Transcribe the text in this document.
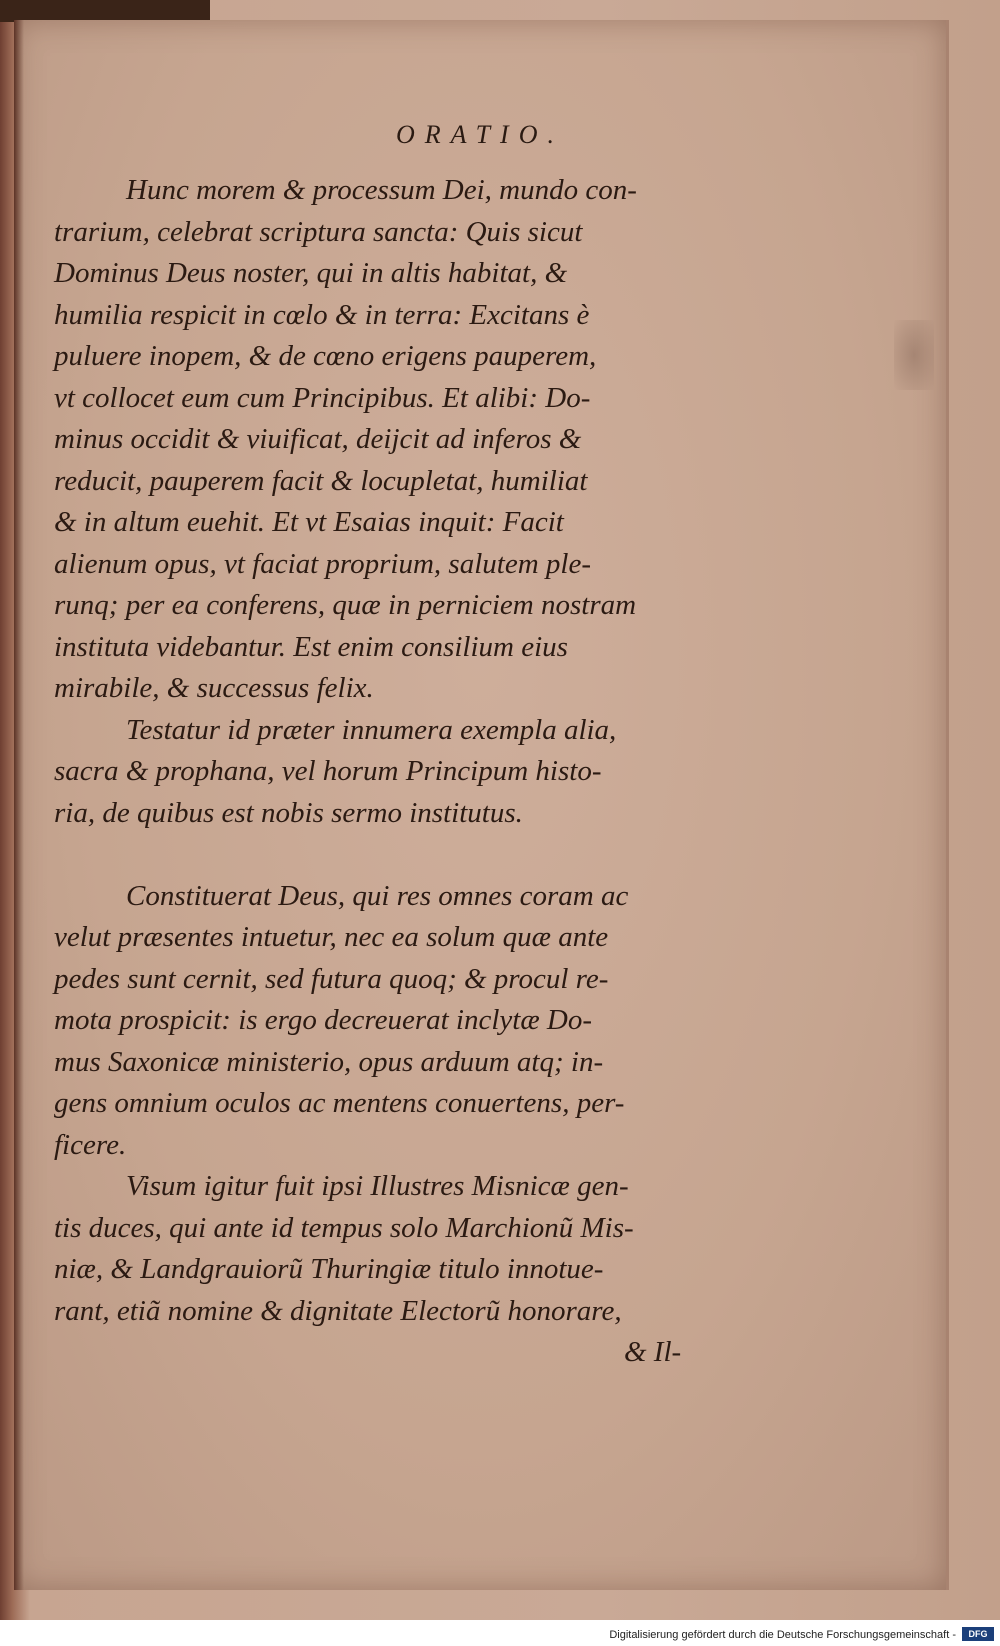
ORATIO.
Hunc morem & processum Dei, mundo con-
trarium, celebrat scriptura sancta: Quis sicut
Dominus Deus noster, qui in altis habitat, &
humilia respicit in cœlo & in terra: Excitans è
puluere inopem, & de cœno erigens pauperem,
vt collocet eum cum Principibus. Et alibi: Do-
minus occidit & viuificat, deijcit ad inferos &
reducit, pauperem facit & locupletat, humiliat
& in altum euehit. Et vt Esaias inquit: Facit
alienum opus, vt faciat proprium, salutem ple-
runq; per ea conferens, quæ in perniciem nostram
instituta videbantur. Est enim consilium eius
mirabile, & successus felix.
Testatur id præter innumera exempla alia,
sacra & prophana, vel horum Principum histo-
ria, de quibus est nobis sermo institutus.
Constituerat Deus, qui res omnes coram ac
velut præsentes intuetur, nec ea solum quæ ante
pedes sunt cernit, sed futura quoq; & procul re-
mota prospicit: is ergo decreuerat inclytæ Do-
mus Saxonicæ ministerio, opus arduum atq; in-
gens omnium oculos ac mentens conuertens, per-
ficere.
Visum igitur fuit ipsi Illustres Misnicæ gen-
tis duces, qui ante id tempus solo Marchionũ Mis-
niæ, & Landgrauiorũ Thuringiæ titulo innotue-
rant, etiã nomine & dignitate Electorũ honorare,
& Il-
Digitalisierung gefördert durch die Deutsche Forschungsgemeinschaft -	DFG
